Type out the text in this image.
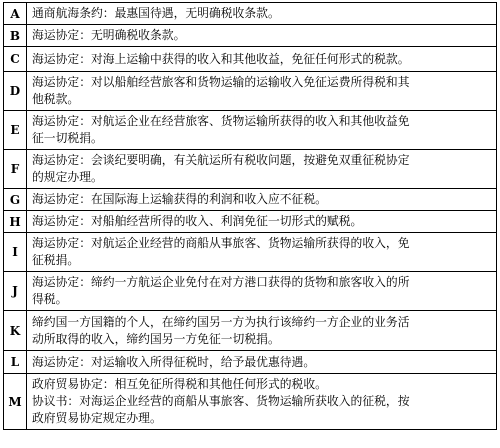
A	通商航海条约：最惠国待遇，无明确税收条款。

B	海运协定：无明确税收条款。

C	海运协定：对海上运输中获得的收入和其他收益，免征任何形式的税款。

D	海运协定：对以船舶经营旅客和货物运输的运输收入免征运费所得税和其
他税款。

E	海运协定：对航运企业在经营旅客、货物运输所获得的收入和其他收益免
征一切税捐。

F	海运协定：会谈纪要明确，有关航运所有税收问题，按避免双重征税协定
的规定办理。

G	海运协定：在国际海上运输获得的利润和收入应不征税。

H	海运协定：对船舶经营所得的收入、利润免征一切形式的赋税。

I	海运协定：对航运企业经营的商船从事旅客、货物运输所获得的收入，免
征税捐。

J	海运协定：缔约一方航运企业免付在对方港口获得的货物和旅客收入的所
得税。

K	缔约国一方国籍的个人，在缔约国另一方为执行该缔约一方企业的业务活
动所取得的收入，缔约国另一方免征一切税捐。

L	海运协定：对运输收入所得征税时，给予最优惠待遇。

M	政府贸易协定：相互免征所得税和其他任何形式的税收。
协议书：对海运企业经营的商船从事旅客、货物运输所获收入的征税，按
政府贸易协定规定办理。
